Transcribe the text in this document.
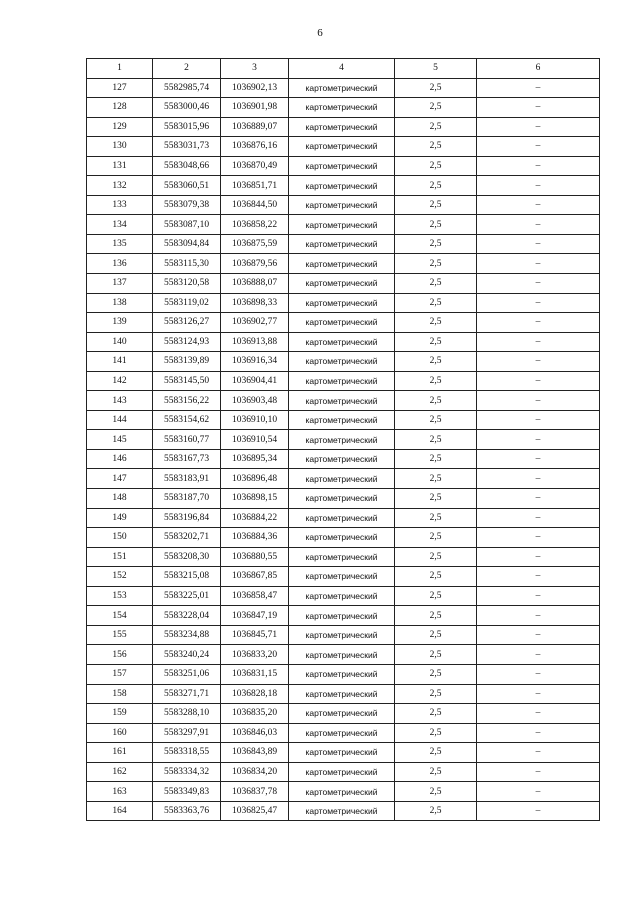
6
1	2	3	4	5	6
127	5582985,74	1036902,13	картометрический	2,5	–
128	5583000,46	1036901,98	картометрический	2,5	–
129	5583015,96	1036889,07	картометрический	2,5	–
130	5583031,73	1036876,16	картометрический	2,5	–
131	5583048,66	1036870,49	картометрический	2,5	–
132	5583060,51	1036851,71	картометрический	2,5	–
133	5583079,38	1036844,50	картометрический	2,5	–
134	5583087,10	1036858,22	картометрический	2,5	–
135	5583094,84	1036875,59	картометрический	2,5	–
136	5583115,30	1036879,56	картометрический	2,5	–
137	5583120,58	1036888,07	картометрический	2,5	–
138	5583119,02	1036898,33	картометрический	2,5	–
139	5583126,27	1036902,77	картометрический	2,5	–
140	5583124,93	1036913,88	картометрический	2,5	–
141	5583139,89	1036916,34	картометрический	2,5	–
142	5583145,50	1036904,41	картометрический	2,5	–
143	5583156,22	1036903,48	картометрический	2,5	–
144	5583154,62	1036910,10	картометрический	2,5	–
145	5583160,77	1036910,54	картометрический	2,5	–
146	5583167,73	1036895,34	картометрический	2,5	–
147	5583183,91	1036896,48	картометрический	2,5	–
148	5583187,70	1036898,15	картометрический	2,5	–
149	5583196,84	1036884,22	картометрический	2,5	–
150	5583202,71	1036884,36	картометрический	2,5	–
151	5583208,30	1036880,55	картометрический	2,5	–
152	5583215,08	1036867,85	картометрический	2,5	–
153	5583225,01	1036858,47	картометрический	2,5	–
154	5583228,04	1036847,19	картометрический	2,5	–
155	5583234,88	1036845,71	картометрический	2,5	–
156	5583240,24	1036833,20	картометрический	2,5	–
157	5583251,06	1036831,15	картометрический	2,5	–
158	5583271,71	1036828,18	картометрический	2,5	–
159	5583288,10	1036835,20	картометрический	2,5	–
160	5583297,91	1036846,03	картометрический	2,5	–
161	5583318,55	1036843,89	картометрический	2,5	–
162	5583334,32	1036834,20	картометрический	2,5	–
163	5583349,83	1036837,78	картометрический	2,5	–
164	5583363,76	1036825,47	картометрический	2,5	–
